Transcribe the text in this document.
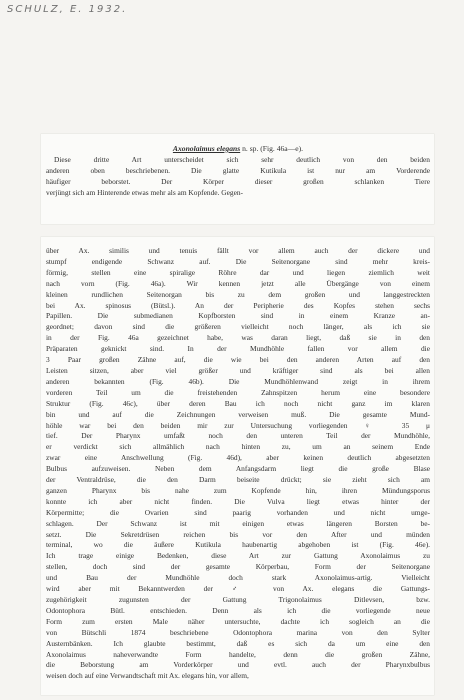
SCHULZ, E. 1932.
Axonolaimus elegans n. sp. (Fig. 46a—e).
Diese dritte Art unterscheidet sich sehr deutlich von den beiden
anderen oben beschriebenen. Die glatte Kutikula ist nur am Vorderende
häufiger beborstet. Der Körper dieser großen schlanken Tiere
verjüngt sich am Hinterende etwas mehr als am Kopfende. Gegen-
über Ax. similis und tenuis fällt vor allem auch der dickere und
stumpf endigende Schwanz auf. Die Seitenorgane sind mehr kreis-
förmig, stellen eine spiralige Röhre dar und liegen ziemlich weit
nach vorn (Fig. 46a). Wir kennen jetzt alle Übergänge von einem
kleinen rundlichen Seitenorgan bis zu dem großen und langgestreckten
bei Ax. spinosus (Bütsl.). An der Peripherie des Kopfes stehen sechs
Papillen. Die submedianen Kopfborsten sind in einem Kranze an-
geordnet; davon sind die größeren vielleicht noch länger, als ich sie
in der Fig. 46a gezeichnet habe, was daran liegt, daß sie in den
Präparaten geknickt sind. In der Mundhöhle fallen vor allem die
3 Paar großen Zähne auf, die wie bei den anderen Arten auf den
Leisten sitzen, aber viel größer und kräftiger sind als bei allen
anderen bekannten (Fig. 46b). Die Mundhöhlenwand zeigt in ihrem
vorderen Teil um die freistehenden Zahnspitzen herum eine besondere
Struktur (Fig. 46c), über deren Bau ich noch nicht ganz im klaren
bin und auf die Zeichnungen verweisen muß. Die gesamte Mund-
höhle war bei den beiden mir zur Untersuchung vorliegenden ♀ 35 μ
tief. Der Pharynx umfaßt noch den unteren Teil der Mundhöhle,
er verdickt sich allmählich nach hinten zu, um an seinem Ende
zwar eine Anschwellung (Fig. 46d), aber keinen deutlich abgesetzten
Bulbus aufzuweisen. Neben dem Anfangsdarm liegt die große Blase
der Ventraldrüse, die den Darm beiseite drückt; sie zieht sich am
ganzen Pharynx bis nahe zum Kopfende hin, ihren Mündungsporus
konnte ich aber nicht finden. Die Vulva liegt etwas hinter der
Körpermitte; die Ovarien sind paarig vorhanden und nicht umge-
schlagen. Der Schwanz ist mit einigen etwas längeren Borsten be-
setzt. Die Sekretdrüsen reichen bis vor den After und münden
terminal, wo die äußere Kutikula haubenartig abgehoben ist (Fig. 46e).
Ich trage einige Bedenken, diese Art zur Gattung Axonolaimus zu
stellen, doch sind der gesamte Körperbau, Form der Seitenorgane
und Bau der Mundhöhle doch stark Axonolaimus-artig. Vielleicht
wird aber mit Bekanntwerden der ♂ von Ax. elegans die Gattungs-
zugehörigkeit zugunsten der Gattung Trigonolaimus Ditlevsen, bzw.
Odontophora Bütl. entschieden. Denn als ich die vorliegende neue
Form zum ersten Male näher untersuchte, dachte ich sogleich an die
von Bütschli 1874 beschriebene Odontophora marina von den Sylter
Austernbänken. Ich glaubte bestimmt, daß es sich da um eine den
Axonolaimus naheverwandte Form handelte, denn die großen Zähne,
die Beborstung am Vorderkörper und evtl. auch der Pharynxbulbus
weisen doch auf eine Verwandtschaft mit Ax. elegans hin, vor allem,
